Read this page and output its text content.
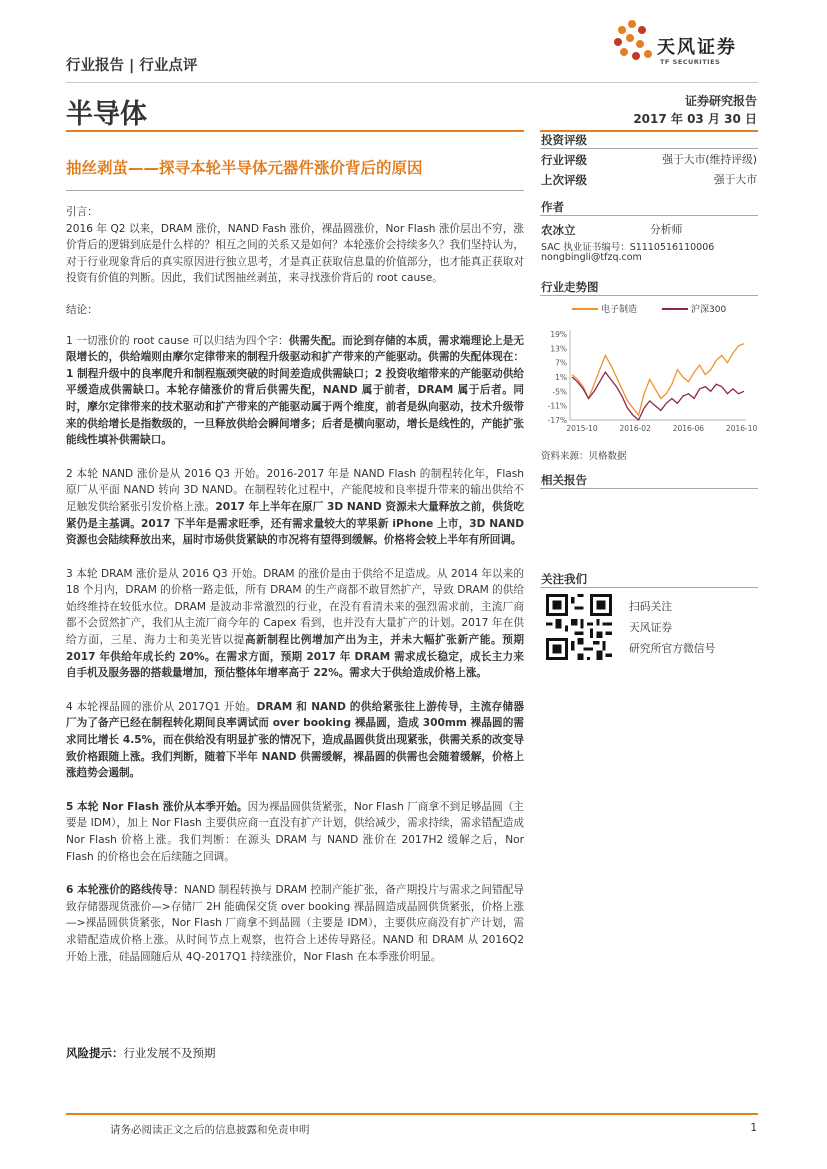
行业报告 | 行业点评
天风证券
TF SECURITIES
半导体	证券研究报告
2017 年 03 月 30 日
抽丝剥茧——探寻本轮半导体元器件涨价背后的原因

引言：

2016 年 Q2 以来，DRAM 涨价，NAND Fash 涨价，裸晶圆涨价，Nor Flash 涨价层出不穷，涨价背后的逻辑到底是什么样的？相互之间的关系又是如何？本轮涨价会持续多久？我们坚持认为，对于行业现象背后的真实原因进行独立思考，才是真正获取信息量的价值部分，也才能真正获取对投资有价值的判断。因此，我们试图抽丝剥茧，来寻找涨价背后的 root cause。

结论：

1 一切涨价的 root cause 可以归结为四个字：供需失配。而论到存储的本质，需求端理论上是无限增长的，供给端则由摩尔定律带来的制程升级驱动和扩产带来的产能驱动。供需的失配体现在：1 制程升级中的良率爬升和制程瓶颈突破的时间差造成供需缺口；2 投资收缩带来的产能驱动供给平缓造成供需缺口。本轮存储涨价的背后供需失配，NAND 属于前者，DRAM 属于后者。同时，摩尔定律带来的技术驱动和扩产带来的产能驱动属于两个维度，前者是纵向驱动，技术升级带来的供给增长是指数级的，一旦释放供给会瞬间增多；后者是横向驱动，增长是线性的，产能扩张能线性填补供需缺口。

2 本轮 NAND 涨价是从 2016 Q3 开始。2016-2017 年是 NAND Flash 的制程转化年，Flash 原厂从平面 NAND 转向 3D NAND。在制程转化过程中，产能爬坡和良率提升带来的输出供给不足触发供给紧张引发价格上涨。2017 年上半年在原厂 3D NAND 资源未大量释放之前，供货吃紧仍是主基调。2017 下半年是需求旺季，还有需求量较大的苹果新 iPhone 上市，3D NAND 资源也会陆续释放出来，届时市场供货紧缺的市况将有望得到缓解。价格将会较上半年有所回调。

3 本轮 DRAM 涨价是从 2016 Q3 开始。DRAM 的涨价是由于供给不足造成。从 2014 年以来的 18 个月内，DRAM 的价格一路走低，所有 DRAM 的生产商都不敢冒然扩产，导致 DRAM 的供给始终维持在较低水位。DRAM 是波动非常激烈的行业，在没有看清未来的强烈需求前，主流厂商都不会贸然扩产，我们从主流厂商今年的 Capex 看到，也并没有大量扩产的计划。2017 年在供给方面，三星、海力士和美光皆以提高新制程比例增加产出为主，并未大幅扩张新产能。预期 2017 年供给年成长约 20%。在需求方面，预期 2017 年 DRAM 需求成长稳定，成长主力来自手机及服务器的搭载量增加，预估整体年增率高于 22%。需求大于供给造成价格上涨。

4 本轮裸晶圆的涨价从 2017Q1 开始。DRAM 和 NAND 的供给紧张往上游传导，主流存储器厂为了备产已经在制程转化期间良率调试而 over booking 裸晶圆，造成 300mm 裸晶圆的需求同比增长 4.5%，而在供给没有明显扩张的情况下，造成晶圆供货出现紧张，供需关系的改变导致价格跟随上涨。我们判断，随着下半年 NAND 供需缓解，裸晶圆的供需也会随着缓解，价格上涨趋势会遏制。

5 本轮 Nor Flash 涨价从本季开始。因为裸晶圆供货紧张，Nor Flash 厂商拿不到足够晶圆（主要是 IDM），加上 Nor Flash 主要供应商一直没有扩产计划，供给减少，需求持续，需求错配造成 Nor Flash 价格上涨。我们判断：在源头 DRAM 与 NAND 涨价在 2017H2 缓解之后，Nor Flash 的价格也会在后续随之回调。

6 本轮涨价的路线传导：NAND 制程转换与 DRAM 控制产能扩张，备产期投片与需求之间错配导致存储器现货涨价—>存储厂 2H 能确保交货 over booking 裸晶圆造成晶圆供货紧张，价格上涨—>裸晶圆供货紧张，Nor Flash 厂商拿不到晶圆（主要是 IDM），主要供应商没有扩产计划，需求错配造成价格上涨。从时间节点上观察，也符合上述传导路径。NAND 和 DRAM 从 2016Q2 开始上涨，硅晶圆随后从 4Q-2017Q1 持续涨价，Nor Flash 在本季涨价明显。

风险提示：行业发展不及预期
投资评级
行业评级	强于大市(维持评级)
上次评级	强于大市
作者
农冰立	分析师
SAC 执业证书编号：S1110516110006
nongbingli@tfzq.com
行业走势图
电子制造	沪深300
19%
13%
7%
1%
-5%
-11%
-17%
2015-10	2016-02	2016-06	2016-10
资料来源：贝格数据
相关报告
关注我们
扫码关注
天风证券
研究所官方微信号
请务必阅读正文之后的信息披露和免责申明	1
